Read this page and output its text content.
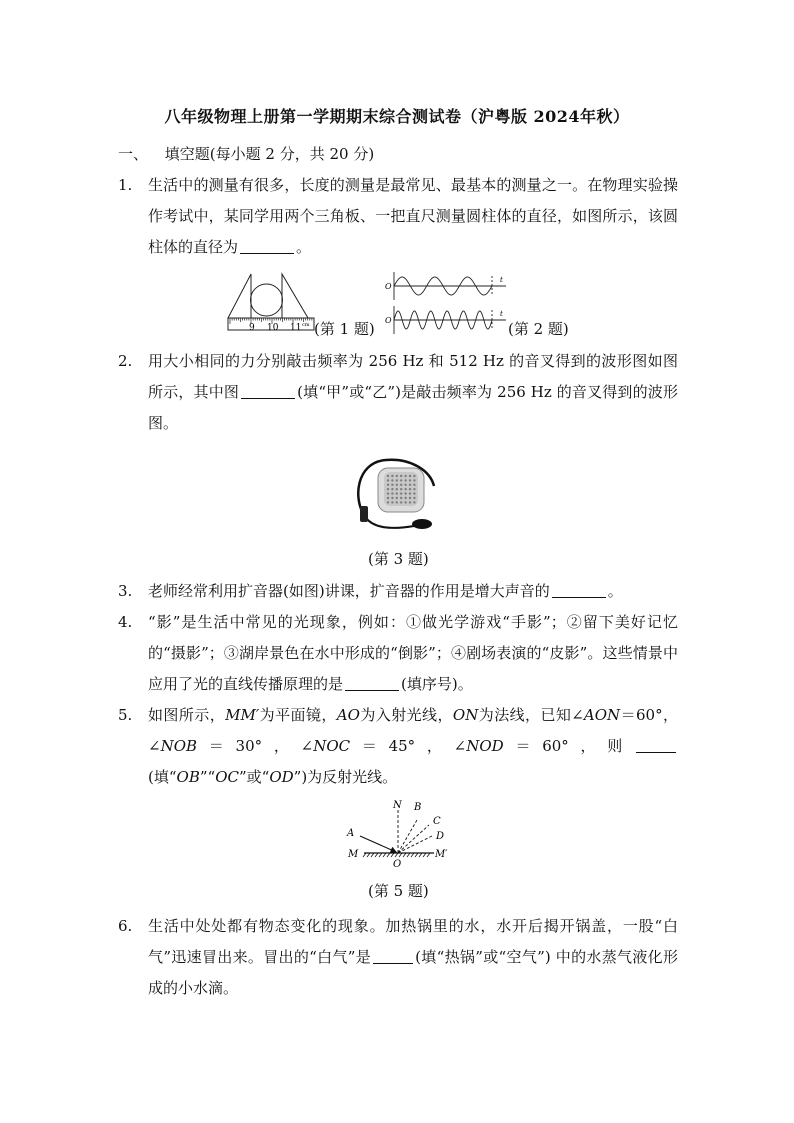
八年级物理上册第一学期期末综合测试卷（沪粤版 2024年秋）
一、 填空题(每小题 2 分，共 20 分)
1.	生活中的测量有很多，长度的测量是最常见、最基本的测量之一。在物理实验操作考试中，某同学用两个三角板、一把直尺测量圆柱体的直径，如图所示，该圆柱体的直径为	。
9 10 11 cm (第 1 题)
O
O
t
t
(第 2 题)
2.	用大小相同的力分别敲击频率为 256 Hz 和 512 Hz 的音叉得到的波形图如图所示，其中图	(填“甲”或“乙”)是敲击频率为 256 Hz 的音叉得到的波形图。
(第 3 题)
3.	老师经常利用扩音器(如图)讲课，扩音器的作用是增大声音的	。
4.	“影”是生活中常见的光现象，例如：①做光学游戏“手影”；②留下美好记忆的“摄影”；③湖岸景色在水中形成的“倒影”；④剧场表演的“皮影”。这些情景中应用了光的直线传播原理的是	(填序号)。
5.	如图所示，MM′为平面镜，AO为入射光线，ON为法线，已知∠AON＝60°，∠NOB＝30°，∠NOC＝45°，∠NOD＝60°，则(填“OB”“OC”或“OD”)为反射光线。
N B
C
D
A
M
O
M′
(第 5 题)
6.	生活中处处都有物态变化的现象。加热锅里的水，水开后揭开锅盖，一股“白气”迅速冒出来。冒出的“白气”是	(填“热锅”或“空气”) 中的水蒸气液化形成的小水滴。
